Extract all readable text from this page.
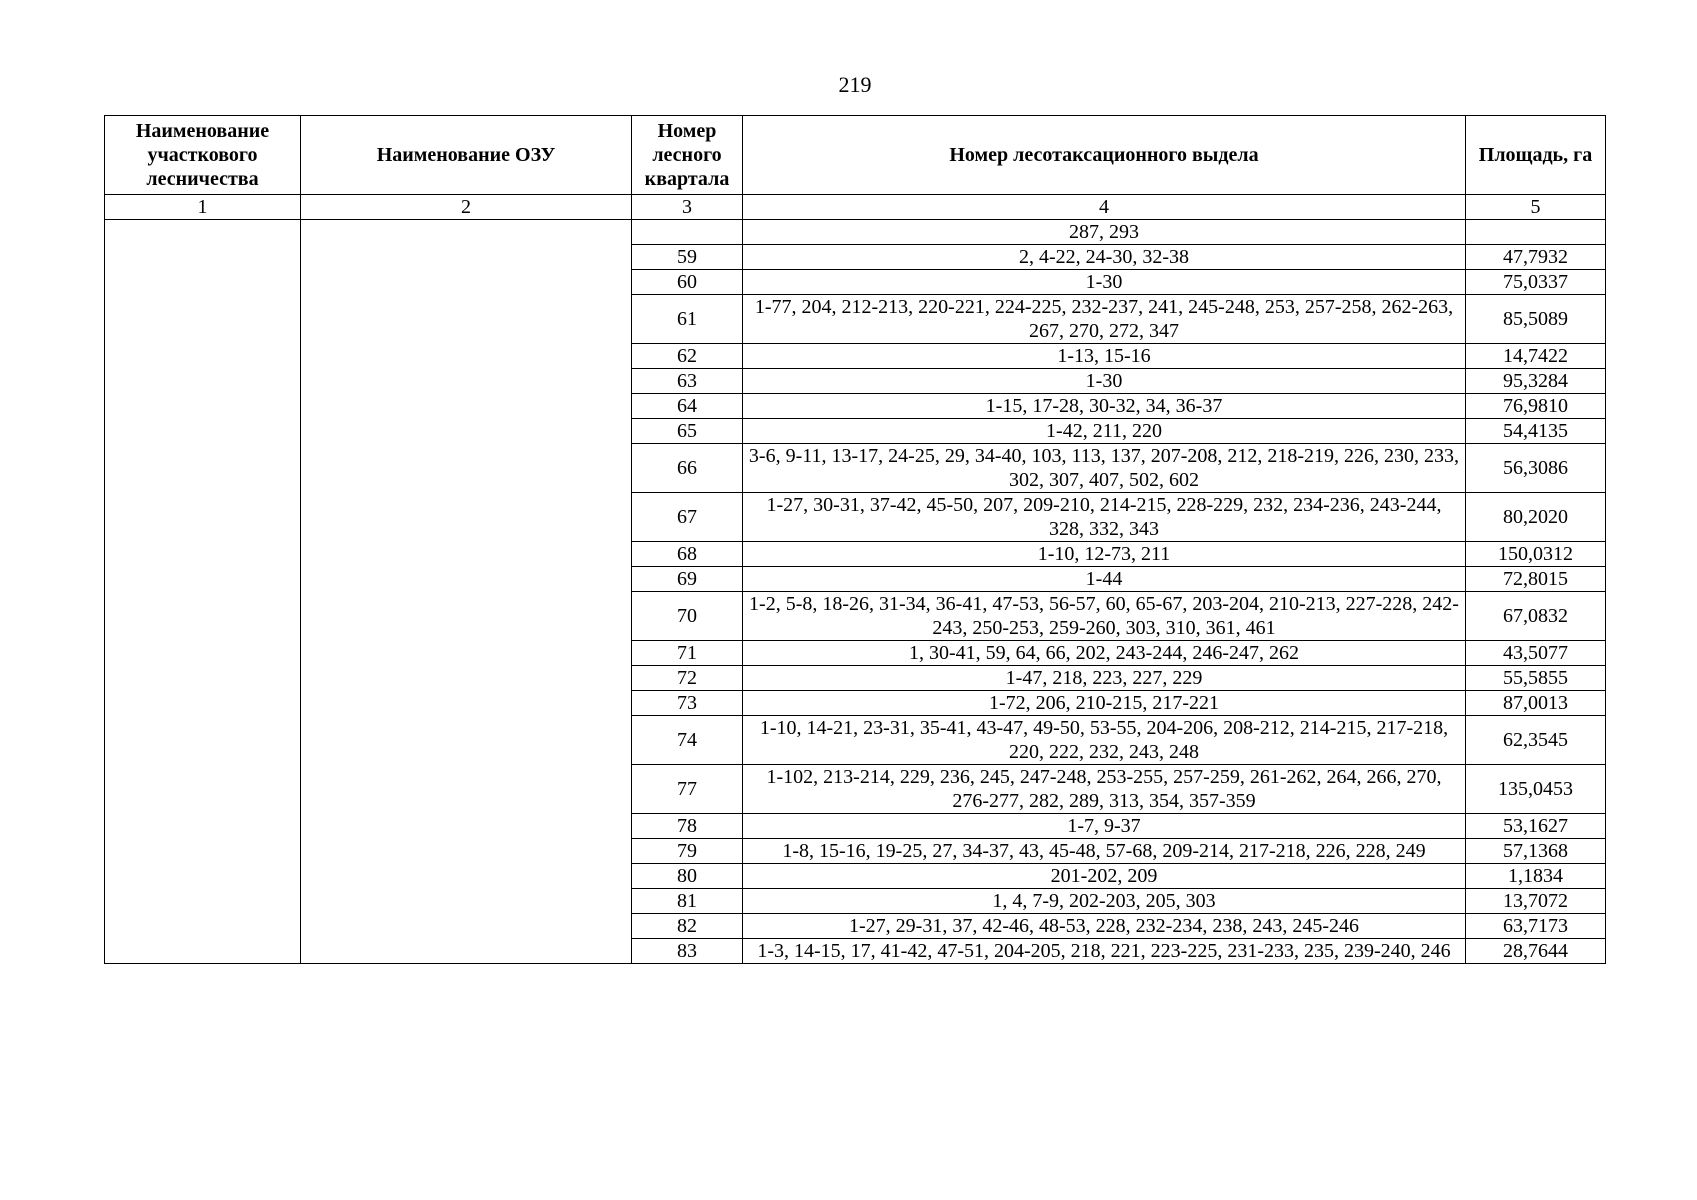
219
Наименование участкового лесничества	Наименование ОЗУ	Номер лесного квартала	Номер лесотаксационного выдела	Площадь, га
1	2	3	4	5
			287, 293	
		59	2, 4-22, 24-30, 32-38	47,7932
		60	1-30	75,0337
		61	1-77, 204, 212-213, 220-221, 224-225, 232-237, 241, 245-248, 253, 257-258, 262-263, 267, 270, 272, 347	85,5089
		62	1-13, 15-16	14,7422
		63	1-30	95,3284
		64	1-15, 17-28, 30-32, 34, 36-37	76,9810
		65	1-42, 211, 220	54,4135
		66	3-6, 9-11, 13-17, 24-25, 29, 34-40, 103, 113, 137, 207-208, 212, 218-219, 226, 230, 233, 302, 307, 407, 502, 602	56,3086
		67	1-27, 30-31, 37-42, 45-50, 207, 209-210, 214-215, 228-229, 232, 234-236, 243-244, 328, 332, 343	80,2020
		68	1-10, 12-73, 211	150,0312
		69	1-44	72,8015
		70	1-2, 5-8, 18-26, 31-34, 36-41, 47-53, 56-57, 60, 65-67, 203-204, 210-213, 227-228, 242-243, 250-253, 259-260, 303, 310, 361, 461	67,0832
		71	1, 30-41, 59, 64, 66, 202, 243-244, 246-247, 262	43,5077
		72	1-47, 218, 223, 227, 229	55,5855
		73	1-72, 206, 210-215, 217-221	87,0013
		74	1-10, 14-21, 23-31, 35-41, 43-47, 49-50, 53-55, 204-206, 208-212, 214-215, 217-218, 220, 222, 232, 243, 248	62,3545
		77	1-102, 213-214, 229, 236, 245, 247-248, 253-255, 257-259, 261-262, 264, 266, 270, 276-277, 282, 289, 313, 354, 357-359	135,0453
		78	1-7, 9-37	53,1627
		79	1-8, 15-16, 19-25, 27, 34-37, 43, 45-48, 57-68, 209-214, 217-218, 226, 228, 249	57,1368
		80	201-202, 209	1,1834
		81	1, 4, 7-9, 202-203, 205, 303	13,7072
		82	1-27, 29-31, 37, 42-46, 48-53, 228, 232-234, 238, 243, 245-246	63,7173
		83	1-3, 14-15, 17, 41-42, 47-51, 204-205, 218, 221, 223-225, 231-233, 235, 239-240, 246	28,7644
